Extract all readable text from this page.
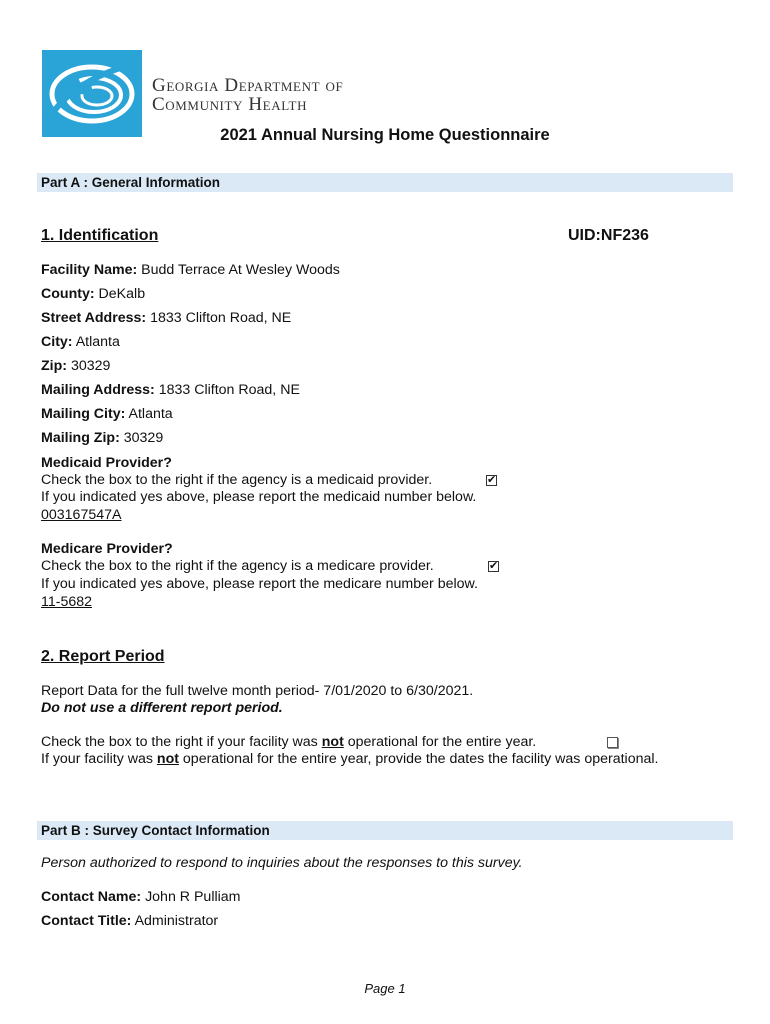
Georgia Department of
Community Health
2021 Annual Nursing Home Questionnaire
Part A : General Information
1. Identification	UID:NF236
Facility Name: Budd Terrace At Wesley Woods
County: DeKalb
Street Address: 1833 Clifton Road, NE
City: Atlanta
Zip: 30329
Mailing Address: 1833 Clifton Road, NE
Mailing City: Atlanta
Mailing Zip: 30329
Medicaid Provider?
Check the box to the right if the agency is a medicaid provider.	✔
If you indicated yes above, please report the medicaid number below.
003167547A
Medicare Provider?
Check the box to the right if the agency is a medicare provider.	✔
If you indicated yes above, please report the medicare number below.
11-5682
2. Report Period
Report Data for the full twelve month period- 7/01/2020 to 6/30/2021.
Do not use a different report period.
Check the box to the right if your facility was not operational for the entire year.
If your facility was not operational for the entire year, provide the dates the facility was operational.
Part B : Survey Contact Information
Person authorized to respond to inquiries about the responses to this survey.
Contact Name: John R Pulliam
Contact Title: Administrator
Page 1
